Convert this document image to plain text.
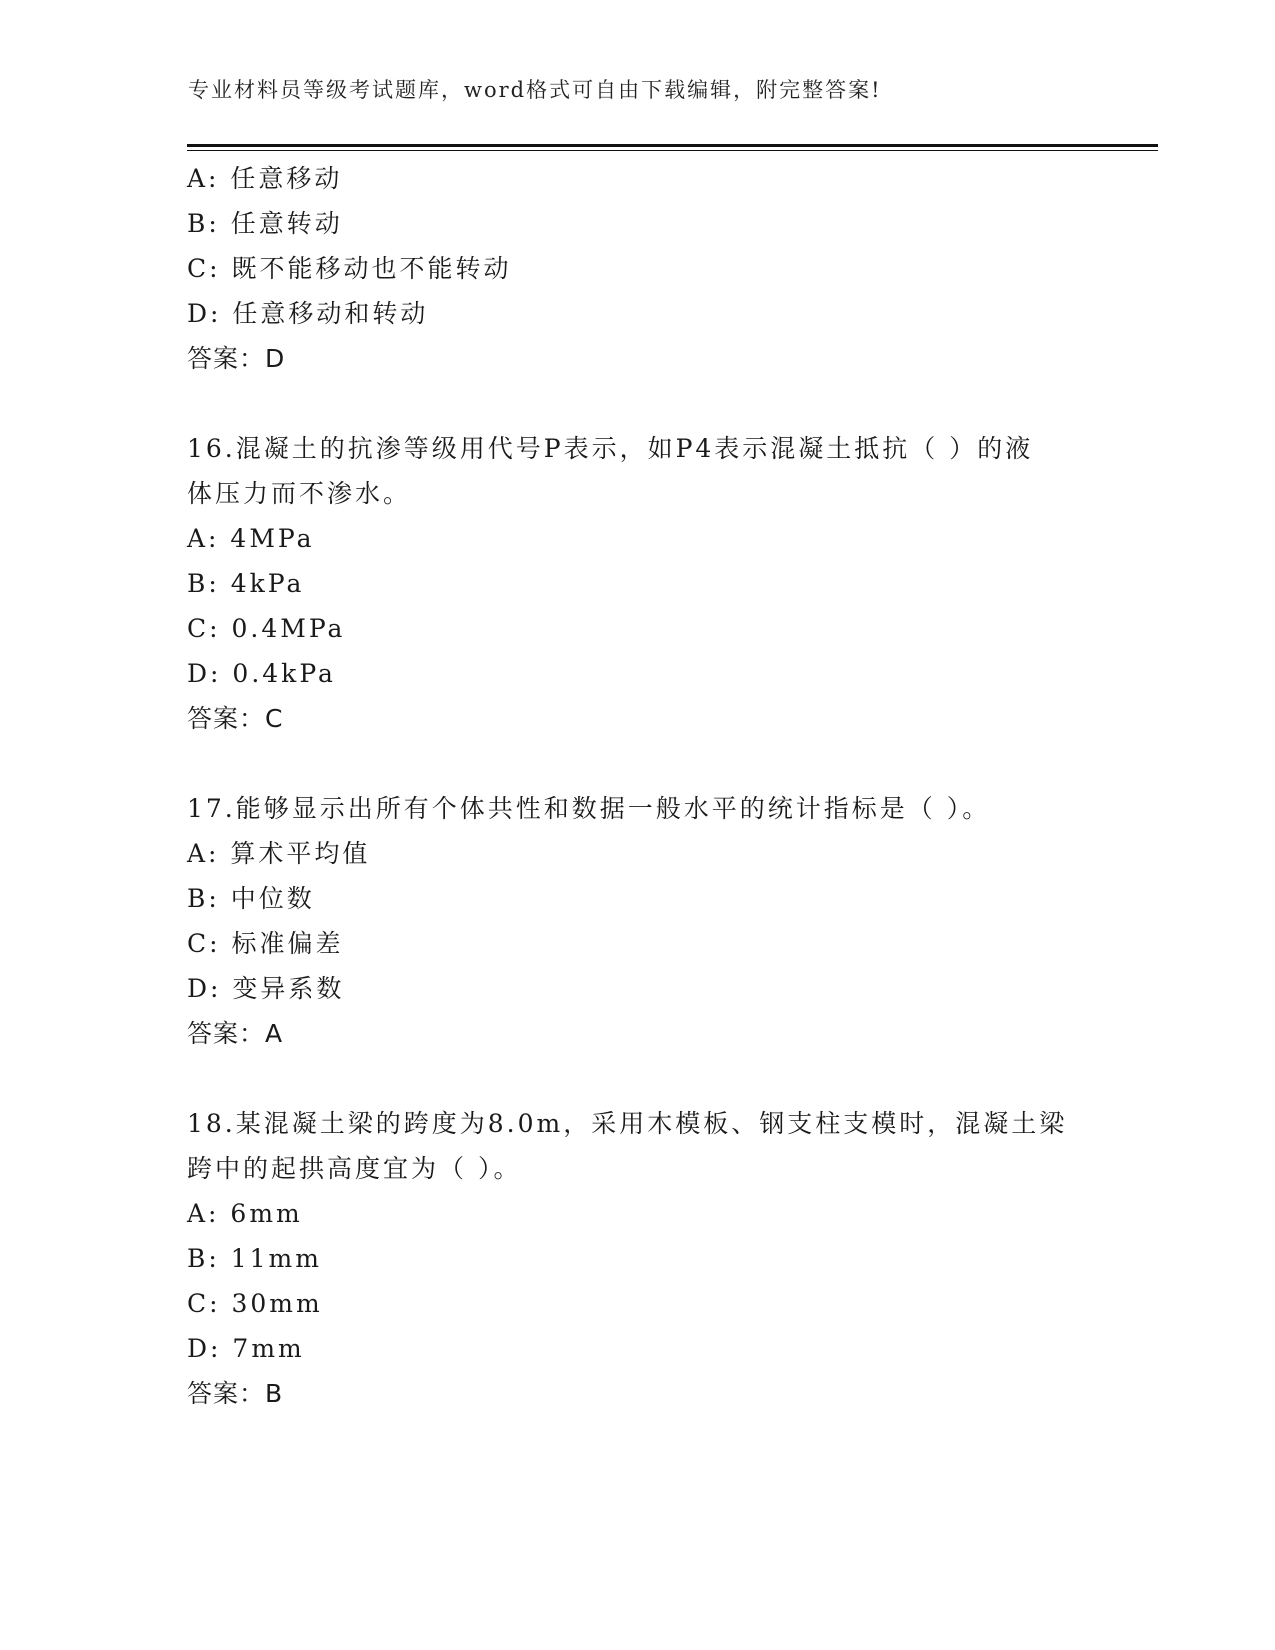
专业材料员等级考试题库，word格式可自由下载编辑，附完整答案!
A: 任意移动
B: 任意转动
C: 既不能移动也不能转动
D: 任意移动和转动
答案：D
16.混凝土的抗渗等级用代号P表示，如P4表示混凝土抵抗（ ）的液
体压力而不渗水。
A: 4MPa
B: 4kPa
C: 0.4MPa
D: 0.4kPa
答案：C
17.能够显示出所有个体共性和数据一般水平的统计指标是（ ）。
A: 算术平均值
B: 中位数
C: 标准偏差
D: 变异系数
答案：A
18.某混凝土梁的跨度为8.0m，采用木模板、钢支柱支模时，混凝土梁
跨中的起拱高度宜为（ ）。
A: 6mm
B: 11mm
C: 30mm
D: 7mm
答案：B
